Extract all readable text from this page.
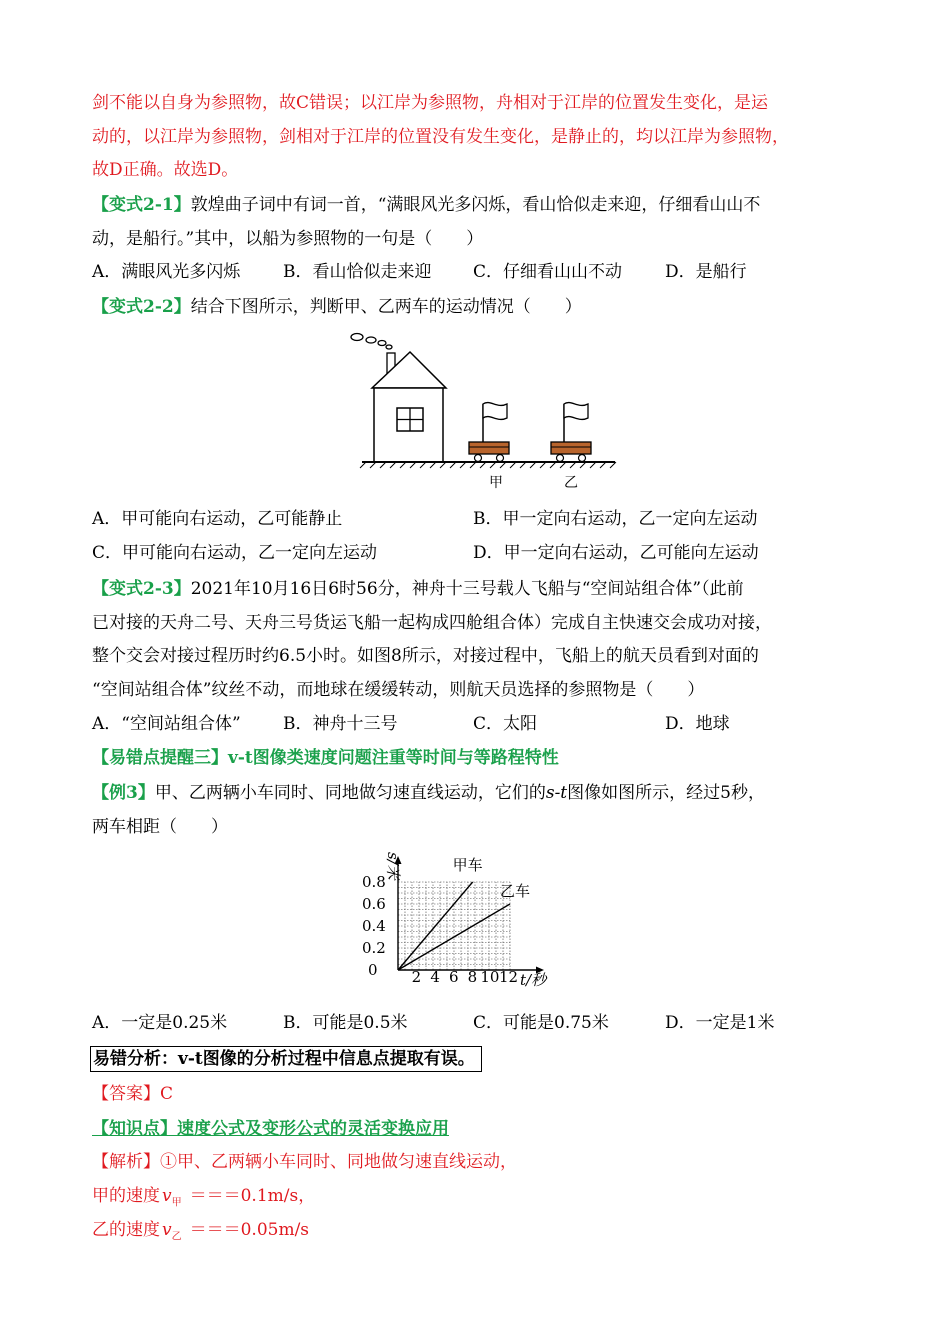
剑不能以自身为参照物，故C错误；以江岸为参照物，舟相对于江岸的位置发生变化，是运
动的，以江岸为参照物，剑相对于江岸的位置没有发生变化，是静止的，均以江岸为参照物，
故D正确。故选D。
【变式2-1】敦煌曲子词中有词一首，“满眼风光多闪烁，看山恰似走来迎，仔细看山山不
动，是船行。”其中，以船为参照物的一句是（　　）
A．满眼风光多闪烁	B．看山恰似走来迎 C．仔细看山山不动	D．是船行
【变式2-2】结合下图所示，判断甲、乙两车的运动情况（　　）
甲	乙
A．甲可能向右运动，乙可能静止	B．甲一定向右运动，乙一定向左运动
C．甲可能向右运动，乙一定向左运动	D．甲一定向右运动，乙可能向左运动
【变式2-3】2021年10月16日6时56分，神舟十三号载人飞船与“空间站组合体”（此前
已对接的天舟二号、天舟三号货运飞船一起构成四舱组合体）完成自主快速交会成功对接，
整个交会对接过程历时约6.5小时。如图8所示，对接过程中，飞船上的航天员看到对面的
“空间站组合体”纹丝不动，而地球在缓缓转动，则航天员选择的参照物是（　　）
A．“空间站组合体” B．神舟十三号	C．太阳	D．地球
【易错点提醒三】v-t图像类速度问题注重等时间与等路程特性
【例3】甲、乙两辆小车同时、同地做匀速直线运动，它们的s-t图像如图所示，经过5秒，
两车相距（　　）
甲车
乙车
0.2
0.4
0.6
0.8
0 2 4 6 8 10 12 t/秒
s/米
A．一定是0.25米	B．可能是0.5米	C．可能是0.75米	D．一定是1米
易错分析：v-t图像的分析过程中信息点提取有误。
【答案】C
【知识点】速度公式及变形公式的灵活变换应用
【解析】①甲、乙两辆小车同时、同地做匀速直线运动，
甲的速度 $v_甲 ===0.1m/s$，
乙的速度 $v_乙 ===0.05m/s$
